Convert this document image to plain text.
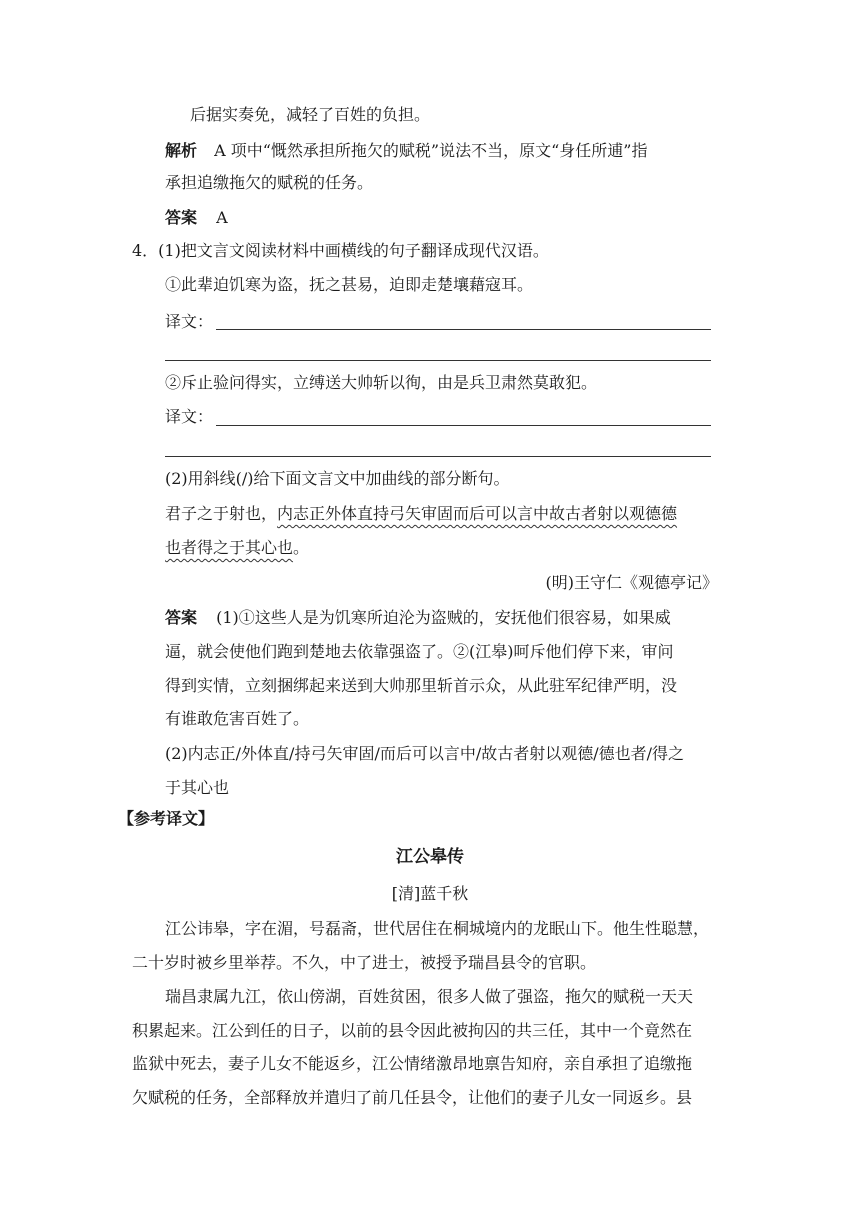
后据实奏免，减轻了百姓的负担。
解析 A 项中“慨然承担所拖欠的赋税”说法不当，原文“身任所逋”指
承担追缴拖欠的赋税的任务。
答案 A
4．(1)把文言文阅读材料中画横线的句子翻译成现代汉语。
①此辈迫饥寒为盗，抚之甚易，迫即走楚壤藉寇耳。
译文：
②斥止验问得实，立缚送大帅斩以徇，由是兵卫肃然莫敢犯。
译文：
(2)用斜线(/)给下面文言文中加曲线的部分断句。
君子之于射也，内志正外体直持弓矢审固而后可以言中故古者射以观德德
也者得之于其心也。
(明)王守仁《观德亭记》
答案 (1)①这些人是为饥寒所迫沦为盗贼的，安抚他们很容易，如果威
逼，就会使他们跑到楚地去依靠强盗了。②(江皋)呵斥他们停下来，审问
得到实情，立刻捆绑起来送到大帅那里斩首示众，从此驻军纪律严明，没
有谁敢危害百姓了。
(2)内志正/外体直/持弓矢审固/而后可以言中/故古者射以观德/德也者/得之
于其心也
【参考译文】
江公皋传
[清]蓝千秋
江公讳皋，字在湄，号磊斋，世代居住在桐城境内的龙眠山下。他生性聪慧，
二十岁时被乡里举荐。不久，中了进士，被授予瑞昌县令的官职。
瑞昌隶属九江，依山傍湖，百姓贫困，很多人做了强盗，拖欠的赋税一天天
积累起来。江公到任的日子，以前的县令因此被拘囚的共三任，其中一个竟然在
监狱中死去，妻子儿女不能返乡，江公情绪激昂地禀告知府，亲自承担了追缴拖
欠赋税的任务，全部释放并遣归了前几任县令，让他们的妻子儿女一同返乡。县
